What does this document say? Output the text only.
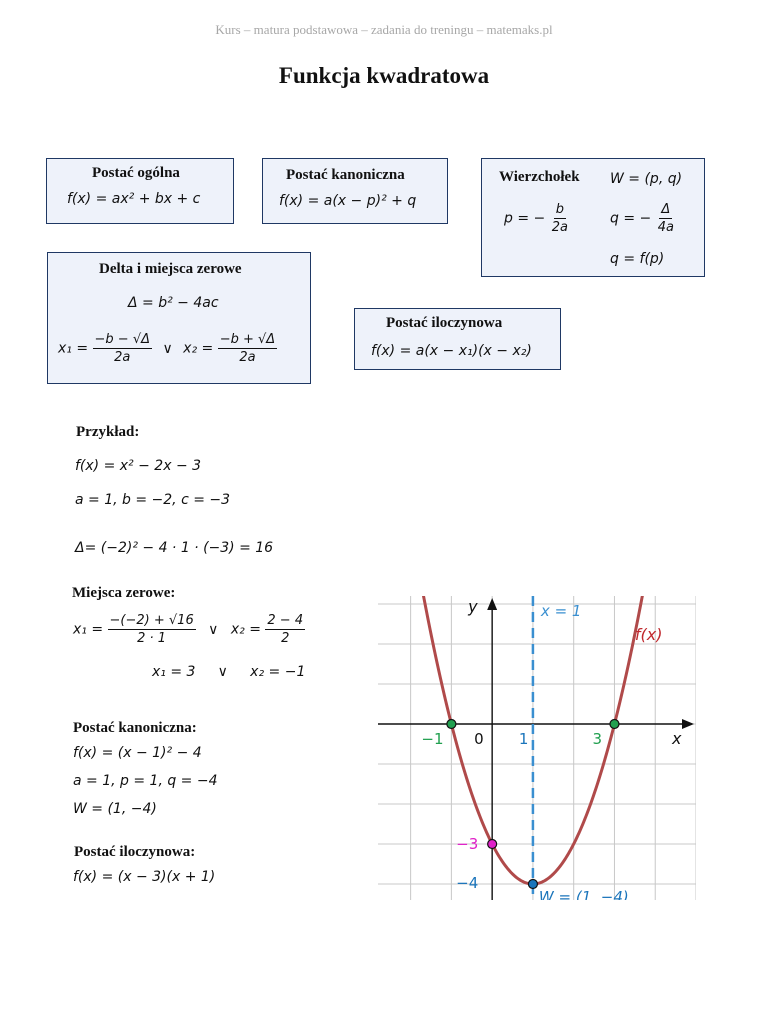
Kurs – matura podstawowa – zadania do treningu – matemaks.pl
Funkcja kwadratowa
Postać ogólna
f(x) = ax² + bx + c
Postać kanoniczna
f(x) = a(x − p)² + q
Wierzchołek W = (p, q)
p = − $\frac{b}{2a}$	q = − $\frac{\Delta}{4a}$
q = f(p)
Delta i miejsca zerowe
Δ = b² − 4ac
$x_1 = \frac{-b - √\Delta}{2a}$ ∨ $x_2 = \frac{-b + √\Delta}{2a}$
Postać iloczynowa
f(x) = a(x − x₁)(x − x₂)
Przykład:
f(x) = x² − 2x − 3
a = 1, b = −2, c = −3
Δ= (−2)² − 4 · 1 · (−3) = 16
Miejsca zerowe:
$x_1 = \frac{-(-2) + √16}{2 \cdot 1}$ ∨ $x_2 = \frac{2 - 4}{2}$
x₁ = 3     ∨     x₂ = −1
Postać kanoniczna:
f(x) = (x − 1)² − 4
a = 1, p = 1, q = −4
W = (1, −4)
Postać iloczynowa:
f(x) = (x − 3)(x + 1)
y
x
0
x = 1
f(x)
W = (1, −4)
−1	1	3
−3
−4
